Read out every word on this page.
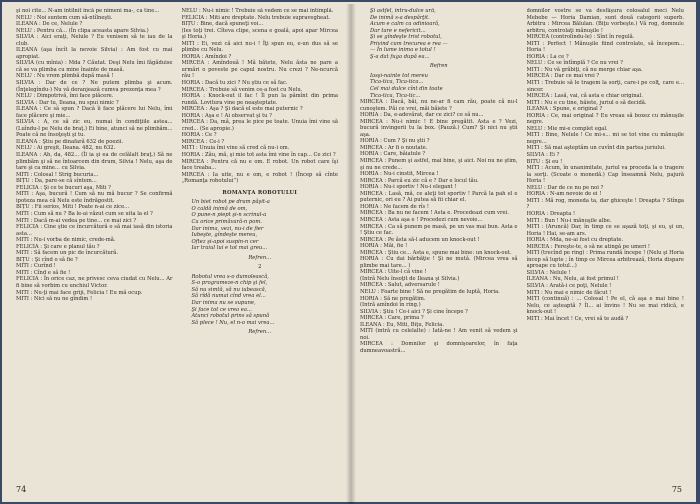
şi noi cîte... N-am întîlnit încă pe nimeni ma-, ca tine...

NELU : Noi suntem cum să-ntîlneşti.

ILEANA : De ce, Nelule ?

NELU : Pentru că... (În clipa aceasta apare Silvia.)

SILVIA : Aici eraţi, Nelule ? Eu venisem să te iau de la club.

ILEANA (aşa încît la nevoie Silvia) : Am fost cu mai apropiat.

SILVIA (cu mînia) : Mda ? Căutat. Deşi Nelu îmi făgăduise că se va plimba cu mine înainte de masă.

NELU : Nu vrem plimbă după masă !

SILVIA : Dar de ce ? Ne putem plimba şi acum. (Înţelegîndu-) Nu vă deranjează cumva prezenţa mea ?

NELU : Dimpotrivă, îmi face plăcere.

SILVIA : Dar tu, Ileana, nu spui nimic ?

ILEANA : Ce să spun ? Dacă îi face plăcere lui Nelu, îmi face plăcere şi mie...

SILVIA : A, ce să zic eu, numai în condiţiile astea... (Luîndu-l pe Nelu de braţ.) Ei bine, atunci să ne plimbăm... Poate că ne însoţeşti şi tu.

ILEANA : Ştiu pe dinafară 632 de poezii.

NELU : Ai greşit, Ileana. 482, nu 632.

ILEANA : Ah, da, 482... (Îl ia şi ea de celălalt braţ.) Să ne plimbăm şi să ne întoarcem din drum, Silvia ! Nelu, aşa de tare şi ca mine... cu Silvia.

MITI : Colosal ! Strig bucuria...

BIȚU : Da, pare-se că sîntem...

FELICIA : Şi ce te bucuri aşa, Miti ?

MITI : Aşa, bucură ! Cum să nu mă bucur ? Se confirmă ipoteza mea că Nelu este îndrăgostit.

BIȚU : Fii serios, Miti ! Poate n-ai ce zice...

MITI : Cum să nu ? Ba le-ai văzut cum se uita la el ?

MITI : Dacă m-ai vedea pe tine... ce mai zici ?

FELICIA : Cine ştie ce încurcătură o să mai iasă din istoria asta...

MITI : Nu-i vorba de nimic, crede-mă.

FELICIA : Şi care e planul tău ?

MITI : Să facem un pic de încurcătură.

BIȚU : Şi cînd o să fie ?

MITI : Curînd !

MITI : Cînd e să fie !

FELICIA : În orice caz, ne privesc ceva ciudat cu Nelu... Ar fi bine să vorbim cu unchiul Victor.

MITI : Nu-ţi mai face griji, Felicia ! Eu mă ocup.

MITI : Nici să nu ne gîndim !

NELU : Nu-i nimic ! Trebuie să vedem ce se mai întîmplă.

FELICIA : Miti are dreptate. Nelu trebuie supravegheat.

BIȚU : Bine, dacă spuneţi voi...

(Ies toţi trei. Cîteva clipe, scena e goală, apoi apar Mircea şi Horia.)

MITI : Ei, vezi că aici nu-i ! Îţi spun eu, e-un dus să se plimbe cu Nelu.

HORIA : Amîndoi ?

MIRCEA : Amîndouă ! Mă bătete, Nelu ăsta ne pare a urmări o poveste pe capul nostru. Nu crezi ? Ne-ncurcă rău !

HORIA : Dacă tu zici ? Nu ştiu ce să fac.

MIRCEA : Trebuie să venim ce-a fost cu Nelu.

HORIA : Knock-out il fac ! Îl pun la pămînt din prima rundă. Lovitura vine pe neaşteptate.

MIRCEA : Aşa ? Şi dacă el este mai puternic ?

HORIA : Aşa e ! Ai observat şi tu ?

MIRCEA : Da, mă, prea le pice pe toate. Unuia îmi vine să cred... (Se apropie.)

HORIA : Ce ?

MIRCEA : Ce-i ?

MITI : Unuia îmi vine să cred că nu-i om.

HORIA : Zău, mă, şi mie tot asta îmi vine în cap... Ce zici ?

MIRCEA : Pentru că nu e om. E robot. Un robot care îşi face treaba...

MIRCEA : Ia uite, nu e om, e robot ! (Încep să cînte „Romanţa robotului”)

ROMANŢA ROBOTULUI

Un biet robot pe drum păşit-a

O caldă inimă de om,

O pune-n piept şi-n scrinul-a

Ca orice primăvară-n pom.

Dar inima, vezi, nu-i de fier

Iubeşte, gîndeşte mereu,

Oftez şi-apoi suspin-n cer

Iar traiul lui e tot mai greu...

Refren...

2

Robotul vrea s-o dumolească,

S-o programeze-n chip şi fel,

Să nu simtă, să nu iubească,

Să rîdă numai cînd vrea el...

Dar inima nu se supune,

Şi face tot ce vrea ea...

Atunci robotul prins să spună

Să plece ! Nu, el n-o mai vrea...

Refren...

74

Şi astfel, întru-dulce ură,

De inimă s-a despărţit.

Acum e calm ca odinioară,

Dar tare e nefericit...

Şi se gîndeşte trist robotul,

Privind cum trecurea e rea —

— În lume inima e totul !

Ş-a dat fuga după ea...

Refren

Iasşi-nainte tot mereu

Tica-tica, Tica-tica...

Cel mai dulce cînt din toate

Tica-tica, Tica-tic...

MIRCEA : Dacă, băi, nu ne-ar fi cam rău, poate că nu-l cunoştem. Păi ce vrei, măi băiete ?

HORIA : Da, e-adevărat, dar ce zici? ce să nu...

MIRCEA : Nu-i nimic ! E bine pregătit. Asta e ? Vezi, bucură invingerii tu la box. (Pauză.) Cum? Şi nici nu ştii aşa.

HORIA : Cum ? Şi nu ştii ?

MIRCEA : Ar fi o noutate.

HORIA : Care, băiatule ?

MIRCEA : Punem şi astfel, mai bine, şi aici. Noi nu ne ştim, şi nu ne crede...

HORIA : Nu-i cinstit, Mircea !

MIRCEA : Parcă eu zic că e ? Dar e locul tău.

HORIA : Nu-i sportiv ! Nu-i elegant !

MIRCEA : Lasă, mă, ce aleţi tot sportiv ! Parcă la pah el e puternic, ori eu ? Ai putea să fii chiar el.

HORIA : Ne facem de rîs !

MIRCEA : Ba nu ne facem ! Asta e. Procedeazi cum vrei.

MIRCEA : Asta aşa e ! Procedezi cum nevoie...

MIRCEA : Ca să punem pe masă, pe un vas mai bun. Asta e ! Ştiu ce fac.

MIRCEA : Pe ăsta să-l aducem un knock-out !

HORIA : Măi, fie !

MIRCEA : Ştiu ce... Asta e, spune mai bine: un knock-out.

HORIA : Cu dai bărbăţie ! Şi ne mută. (Mircea vrea să plimbe mai tare... )

MIRCEA : Uite-l că vine !

(Intră Nelu însoţit de Ileana şi Silvia.)

MIRCEA : Salut, adversarule !

NELU : Foarte bine ! Să ne pregătim de luptă, Horia.

HORIA : Să ne pregătim.

(Intră amîndoi în ring.)

SILVIA : Ştiu ! Ce-i aici ? Şi cine începe ?

MIRCEA : Care, prima ?

ILEANA : Eu, Miti, Biţu, Felicia.

MITI (intră cu celelalte) : Iată-ne ! Am venit să vedem şi noi.

MIRCEA : Domnilor şi domnişoarelor, în faţa dumneavoastră...

domnilor vostre se va desfăşura colosalul meci Nelu Mebebe — Horia Damian, sunt două categorii superb. Arbitru : Mircea Bălulan. (Biţu vorbeşte.) Vă rog, domnule arbitru, controlaţi mănuşile !

MIRCEA (controlîndu-le) : Sînt în regulă.

MITI : Perfect ! Mănuşile fiind controlate, să începem... Horia !

HORIA : La ce ?

NELU : Ce se întîmplă ? Ce nu vrei ?

MITI : Nu vă grăbiţi, că nu merge chiar aşa.

MIRCEA : Dar ce mai vrei ?

MITI : Trebuie să le tragem la sorţi, care-i pe colţ, care e... sincer.

MIRCEA : Lasă, vai, că asta e chiar original.

MITI : Nu e cu tine, băiete, juriul o să decidă.

ILEANA : Spune, e original ?

HORIA : Ce, mai original ? Eu vreau să boxez cu mănuşile negre.

NELU : Mie mi-e complet egal.

MITI : Bine, Nelule ! Ce mi-s... mi se tot vine cu mănuşile negre...

MITI : Să mai aşteptăm un cuvînt din partea juriului.

SILVIA : Ei ?

BIȚU : Şi eu !

MITI : Acum, în unanimitate, juriul va proceda la o tragere la sorţi. (Scoate o monedă.) Cap înseamnă Nelu, pajură Horia !

NELU : Dar de ce nu pe noi ?

HORIA : N-am nevoie de ei !

MITI : Mă rog, moneda ta, dar ghiceşte ! Dreapta ? Stînga ?

HORIA : Dreapta !

MITI : Bun ! Nu-i mănuşile albe.

MITI : (Aruncă) Dar, în timp ce se aşază toţi, şi eu, şi un, Horia ! Hai, se-am ars.

HORIA : Mda, ne-ai fost cu dreptate.

MIRCEA : Fereşte-te, o să ne atingă pe umeri !

MITI (trecînd pe ring) : Prima rundă începe ! (Nelu şi Horia încep să lupte ; în timp ce Mircea arbitrează, Horia dispare aproape cu totul...)

SILVIA : Nelule !

ILEANA : Nu, Nelu, ai fost primul !

SILVIA : Arată-i ce poţi, Nelule !

MITI : Nu mai e nimic de făcut !

MITI (continuă) : ... Colosal ! Pe el, că aşa e mai bine ! Nelu, ce aşteaptă ? Îl... ai învins ! Nu se mai ridică, e knock-out !

MITI : Mai încet ! Ce, vrei să te audă ?

75
